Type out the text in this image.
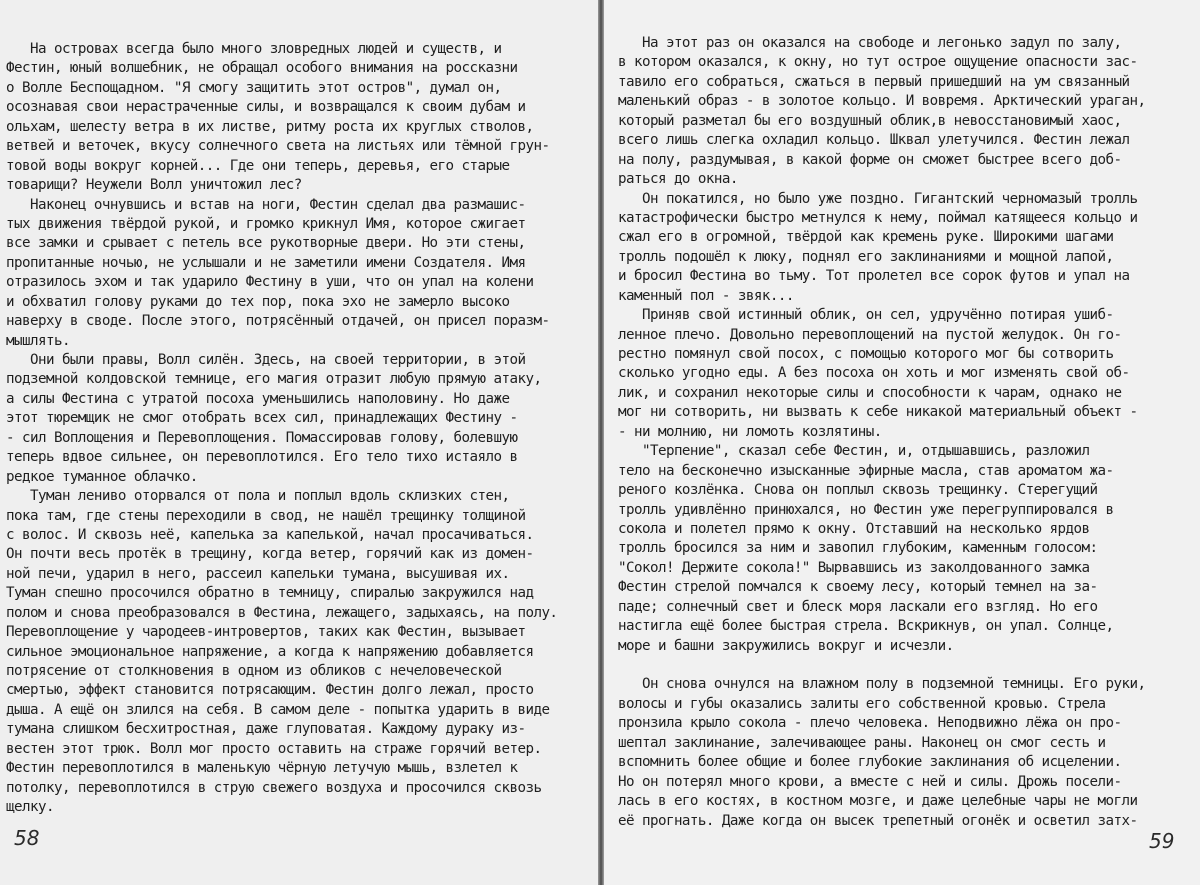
На островах всегда было много зловредных людей и существ, и
Фестин, юный волшебник, не обращал особого внимания на россказни
о Волле Беспощадном. "Я смогу защитить этот остров", думал он,
осознавая свои нерастраченные силы, и возвращался к своим дубам и
ольхам, шелесту ветра в их листве, ритму роста их круглых стволов,
ветвей и веточек, вкусу солнечного света на листьях или тёмной грун-
товой воды вокруг корней... Где они теперь, деревья, его старые
товарищи? Неужели Волл уничтожил лес?
Наконец очнувшись и встав на ноги, Фестин сделал два размашис-
тых движения твёрдой рукой, и громко крикнул Имя, которое сжигает
все замки и срывает с петель все рукотворные двери. Но эти стены,
пропитанные ночью, не услышали и не заметили имени Создателя. Имя
отразилось эхом и так ударило Фестину в уши, что он упал на колени
и обхватил голову руками до тех пор, пока эхо не замерло высоко
наверху в своде. После этого, потрясённый отдачей, он присел поразм-
мышлять.
Они были правы, Волл силён. Здесь, на своей территории, в этой
подземной колдовской темнице, его магия отразит любую прямую атаку,
а силы Фестина с утратой посоха уменьшились наполовину. Но даже
этот тюремщик не смог отобрать всех сил, принадлежащих Фестину -
- сил Воплощения и Перевоплощения. Помассировав голову, болевшую
теперь вдвое сильнее, он перевоплотился. Его тело тихо истаяло в
редкое туманное облачко.
Туман лениво оторвался от пола и поплыл вдоль склизких стен,
пока там, где стены переходили в свод, не нашёл трещинку толщиной
с волос. И сквозь неё, капелька за капелькой, начал просачиваться.
Он почти весь протёк в трещину, когда ветер, горячий как из домен-
ной печи, ударил в него, рассеил капельки тумана, высушивая их.
Туман спешно просочился обратно в темницу, спиралью закружился над
полом и снова преобразовался в Фестина, лежащего, задыхаясь, на полу.
Перевоплощение у чародеев-интровертов, таких как Фестин, вызывает
сильное эмоциональное напряжение, а когда к напряжению добавляется
потрясение от столкновения в одном из обликов с нечеловеческой
смертью, эффект становится потрясающим. Фестин долго лежал, просто
дыша. А ещё он злился на себя. В самом деле - попытка ударить в виде
тумана слишком бесхитростная, даже глуповатая. Каждому дураку из-
вестен этот трюк. Волл мог просто оставить на страже горячий ветер.
Фестин перевоплотился в маленькую чёрную летучую мышь, взлетел к
потолку, перевоплотился в струю свежего воздуха и просочился сквозь
щелку.
58
На этот раз он оказался на свободе и легонько задул по залу,
в котором оказался, к окну, но тут острое ощущение опасности зас-
тавило его собраться, сжаться в первый пришедший на ум связанный
маленький образ - в золотое кольцо. И вовремя. Арктический ураган,
который разметал бы его воздушный облик,в невосстановимый хаос,
всего лишь слегка охладил кольцо. Шквал улетучился. Фестин лежал
на полу, раздумывая, в какой форме он сможет быстрее всего доб-
раться до окна.
Он покатился, но было уже поздно. Гигантский черномазый тролль
катастрофически быстро метнулся к нему, поймал катящееся кольцо и
сжал его в огромной, твёрдой как кремень руке. Широкими шагами
тролль подошёл к люку, поднял его заклинаниями и мощной лапой,
и бросил Фестина во тьму. Тот пролетел все сорок футов и упал на
каменный пол - звяк...
Приняв свой истинный облик, он сел, удручённо потирая ушиб-
ленное плечо. Довольно перевоплощений на пустой желудок. Он го-
рестно помянул свой посох, с помощью которого мог бы сотворить
сколько угодно еды. А без посоха он хоть и мог изменять свой об-
лик, и сохранил некоторые силы и способности к чарам, однако не
мог ни сотворить, ни вызвать к себе никакой материальный объект -
- ни молнию, ни ломоть козлятины.
"Терпение", сказал себе Фестин, и, отдышавшись, разложил
тело на бесконечно изысканные эфирные масла, став ароматом жа-
реного козлёнка. Снова он поплыл сквозь трещинку. Стерегущий
тролль удивлённо принюхался, но Фестин уже перегруппировался в
сокола и полетел прямо к окну. Отставший на несколько ярдов
тролль бросился за ним и завопил глубоким, каменным голосом:
"Сокол! Держите сокола!" Вырвавшись из заколдованного замка
Фестин стрелой помчался к своему лесу, который темнел на за-
паде; солнечный свет и блеск моря ласкали его взгляд. Но его
настигла ещё более быстрая стрела. Вскрикнув, он упал. Солнце,
море и башни закружились вокруг и исчезли.
Он снова очнулся на влажном полу в подземной темницы. Его руки,
волосы и губы оказались залиты его собственной кровью. Стрела
пронзила крыло сокола - плечо человека. Неподвижно лёжа он про-
шептал заклинание, залечивающее раны. Наконец он смог сесть и
вспомнить более общие и более глубокие заклинания об исцелении.
Но он потерял много крови, а вместе с ней и силы. Дрожь посели-
лась в его костях, в костном мозге, и даже целебные чары не могли
её прогнать. Даже когда он высек трепетный огонёк и осветил затх-
59
